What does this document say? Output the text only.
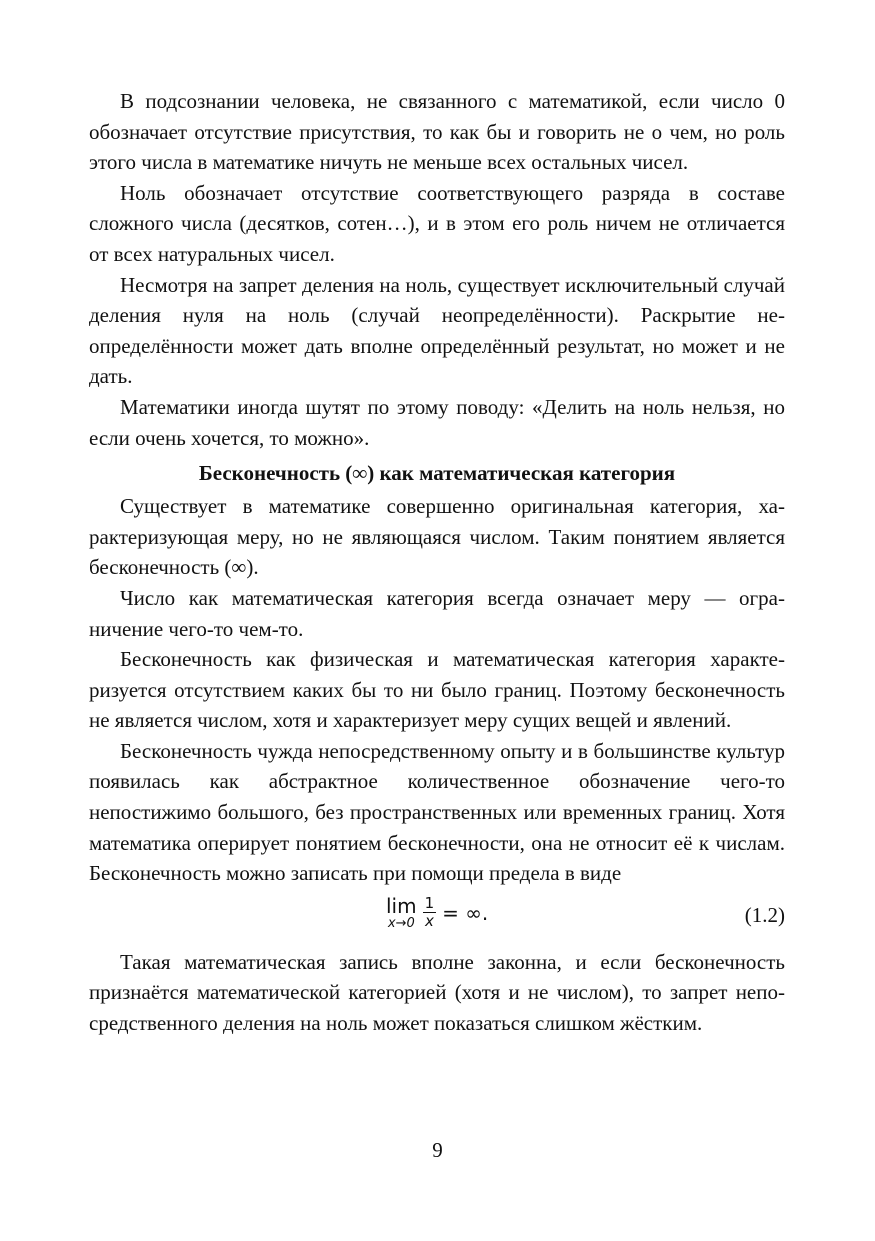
В подсознании человека, не связанного с математикой, если число 0 обозначает отсутствие присутствия, то как бы и говорить не о чем, но роль этого числа в математике ничуть не меньше всех остальных чисел.

Ноль обозначает отсутствие соответствующего разряда в составе сложного числа (десятков, сотен…), и в этом его роль ничем не отличается от всех натуральных чисел.

Несмотря на запрет деления на ноль, существует исключительный случай деления нуля на ноль (случай неопределённости). Раскрытие неопределённости может дать вполне определённый результат, но может и не дать.

Математики иногда шутят по этому поводу: «Делить на ноль нельзя, но если очень хочется, то можно».

Бесконечность (∞) как математическая категория

Существует в математике совершенно оригинальная категория, характеризующая меру, но не являющаяся числом. Таким понятием является бесконечность (∞).

Число как математическая категория всегда означает меру — ограничение чего-то чем-то.

Бесконечность как физическая и математическая категория характеризуется отсутствием каких бы то ни было границ. Поэтому бесконечность не является числом, хотя и характеризует меру сущих вещей и явлений.

Бесконечность чужда непосредственному опыту и в большинстве культур появилась как абстрактное количественное обозначение чего-то непостижимо большого, без пространственных или временных границ. Хотя математика оперирует понятием бесконечности, она не относит её к числам. Бесконечность можно записать при помощи предела в виде

lim
$x\to 0 \frac{1}{x}$ = ∞.	(1.2)

Такая математическая запись вполне законна, и если бесконечность признаётся математической категорией (хотя и не числом), то запрет непосредственного деления на ноль может показаться слишком жёстким.

9
